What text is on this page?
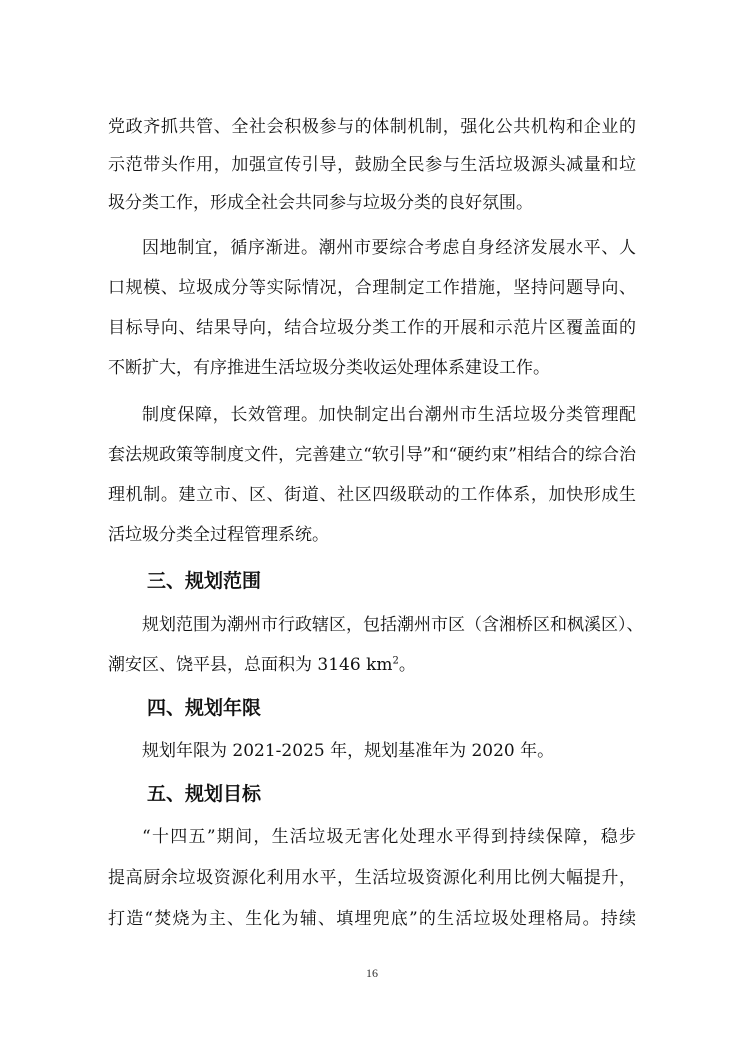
党政齐抓共管、全社会积极参与的体制机制，强化公共机构和企业的
示范带头作用，加强宣传引导，鼓励全民参与生活垃圾源头减量和垃
圾分类工作，形成全社会共同参与垃圾分类的良好氛围。
因地制宜，循序渐进。潮州市要综合考虑自身经济发展水平、人
口规模、垃圾成分等实际情况，合理制定工作措施，坚持问题导向、
目标导向、结果导向，结合垃圾分类工作的开展和示范片区覆盖面的
不断扩大，有序推进生活垃圾分类收运处理体系建设工作。
制度保障，长效管理。加快制定出台潮州市生活垃圾分类管理配
套法规政策等制度文件，完善建立“软引导”和“硬约束”相结合的综合治
理机制。建立市、区、街道、社区四级联动的工作体系，加快形成生
活垃圾分类全过程管理系统。
三、规划范围
规划范围为潮州市行政辖区，包括潮州市区（含湘桥区和枫溪区）、
潮安区、饶平县，总面积为 3146 $km^2$。
四、规划年限
规划年限为 2021-2025 年，规划基准年为 2020 年。
五、规划目标
“十四五”期间，生活垃圾无害化处理水平得到持续保障，稳步
提高厨余垃圾资源化利用水平，生活垃圾资源化利用比例大幅提升，
打造“焚烧为主、生化为辅、填埋兜底”的生活垃圾处理格局。持续
16
